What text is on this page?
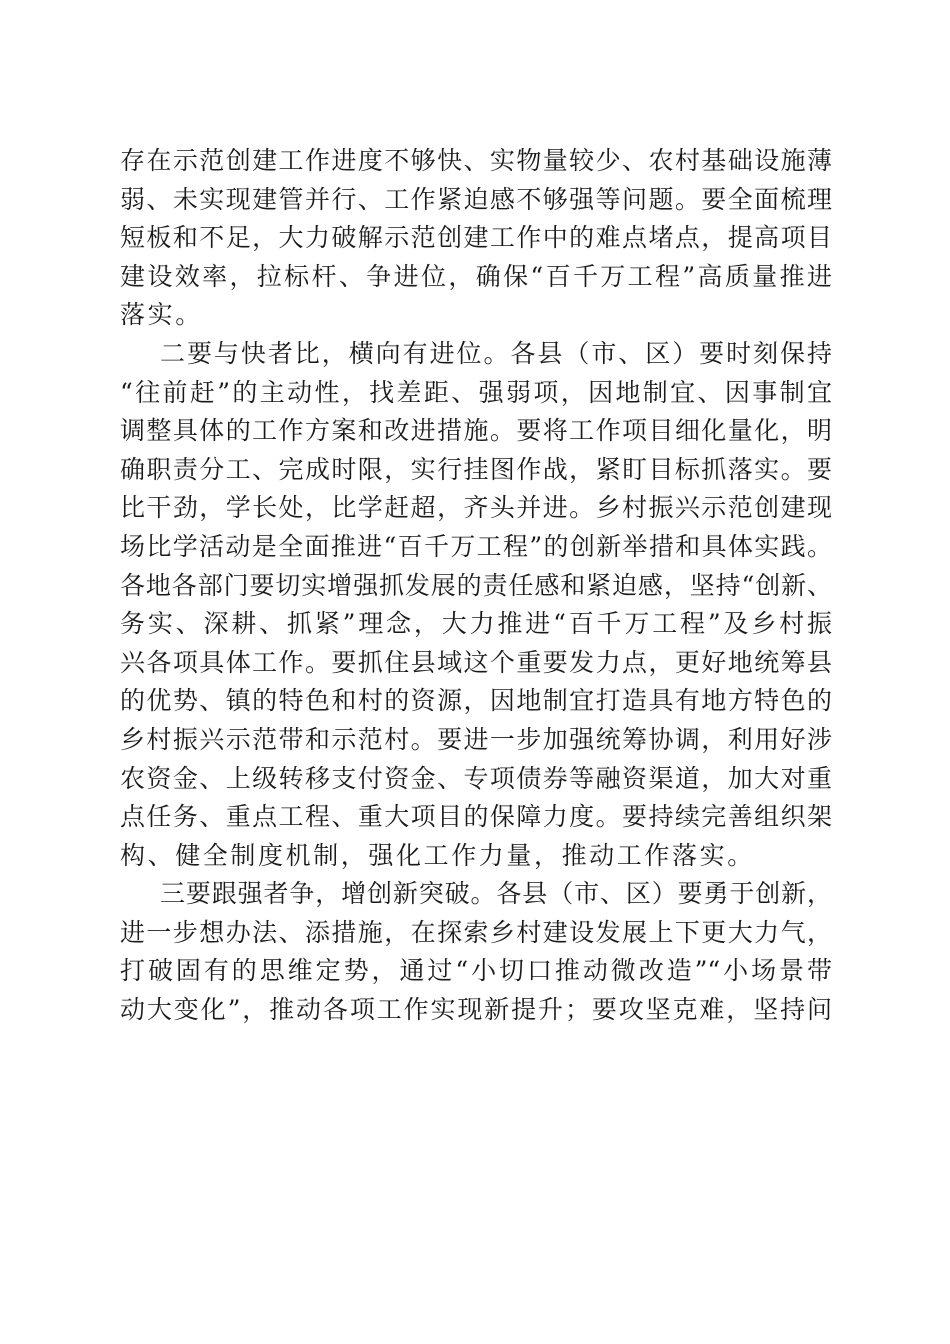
存在示范创建工作进度不够快、实物量较少、农村基础设施薄
弱、未实现建管并行、工作紧迫感不够强等问题。要全面梳理
短板和不足，大力破解示范创建工作中的难点堵点，提高项目
建设效率，拉标杆、争进位，确保“百千万工程”高质量推进
落实。
二要与快者比，横向有进位。各县（市、区）要时刻保持
“往前赶”的主动性，找差距、强弱项，因地制宜、因事制宜
调整具体的工作方案和改进措施。要将工作项目细化量化，明
确职责分工、完成时限，实行挂图作战，紧盯目标抓落实。要
比干劲，学长处，比学赶超，齐头并进。乡村振兴示范创建现
场比学活动是全面推进“百千万工程”的创新举措和具体实践。
各地各部门要切实增强抓发展的责任感和紧迫感，坚持“创新、
务实、深耕、抓紧”理念，大力推进“百千万工程”及乡村振
兴各项具体工作。要抓住县域这个重要发力点，更好地统筹县
的优势、镇的特色和村的资源，因地制宜打造具有地方特色的
乡村振兴示范带和示范村。要进一步加强统筹协调，利用好涉
农资金、上级转移支付资金、专项债券等融资渠道，加大对重
点任务、重点工程、重大项目的保障力度。要持续完善组织架
构、健全制度机制，强化工作力量，推动工作落实。
三要跟强者争，增创新突破。各县（市、区）要勇于创新，
进一步想办法、添措施，在探索乡村建设发展上下更大力气，
打破固有的思维定势，通过“小切口推动微改造”“小场景带
动大变化”，推动各项工作实现新提升；要攻坚克难，坚持问
